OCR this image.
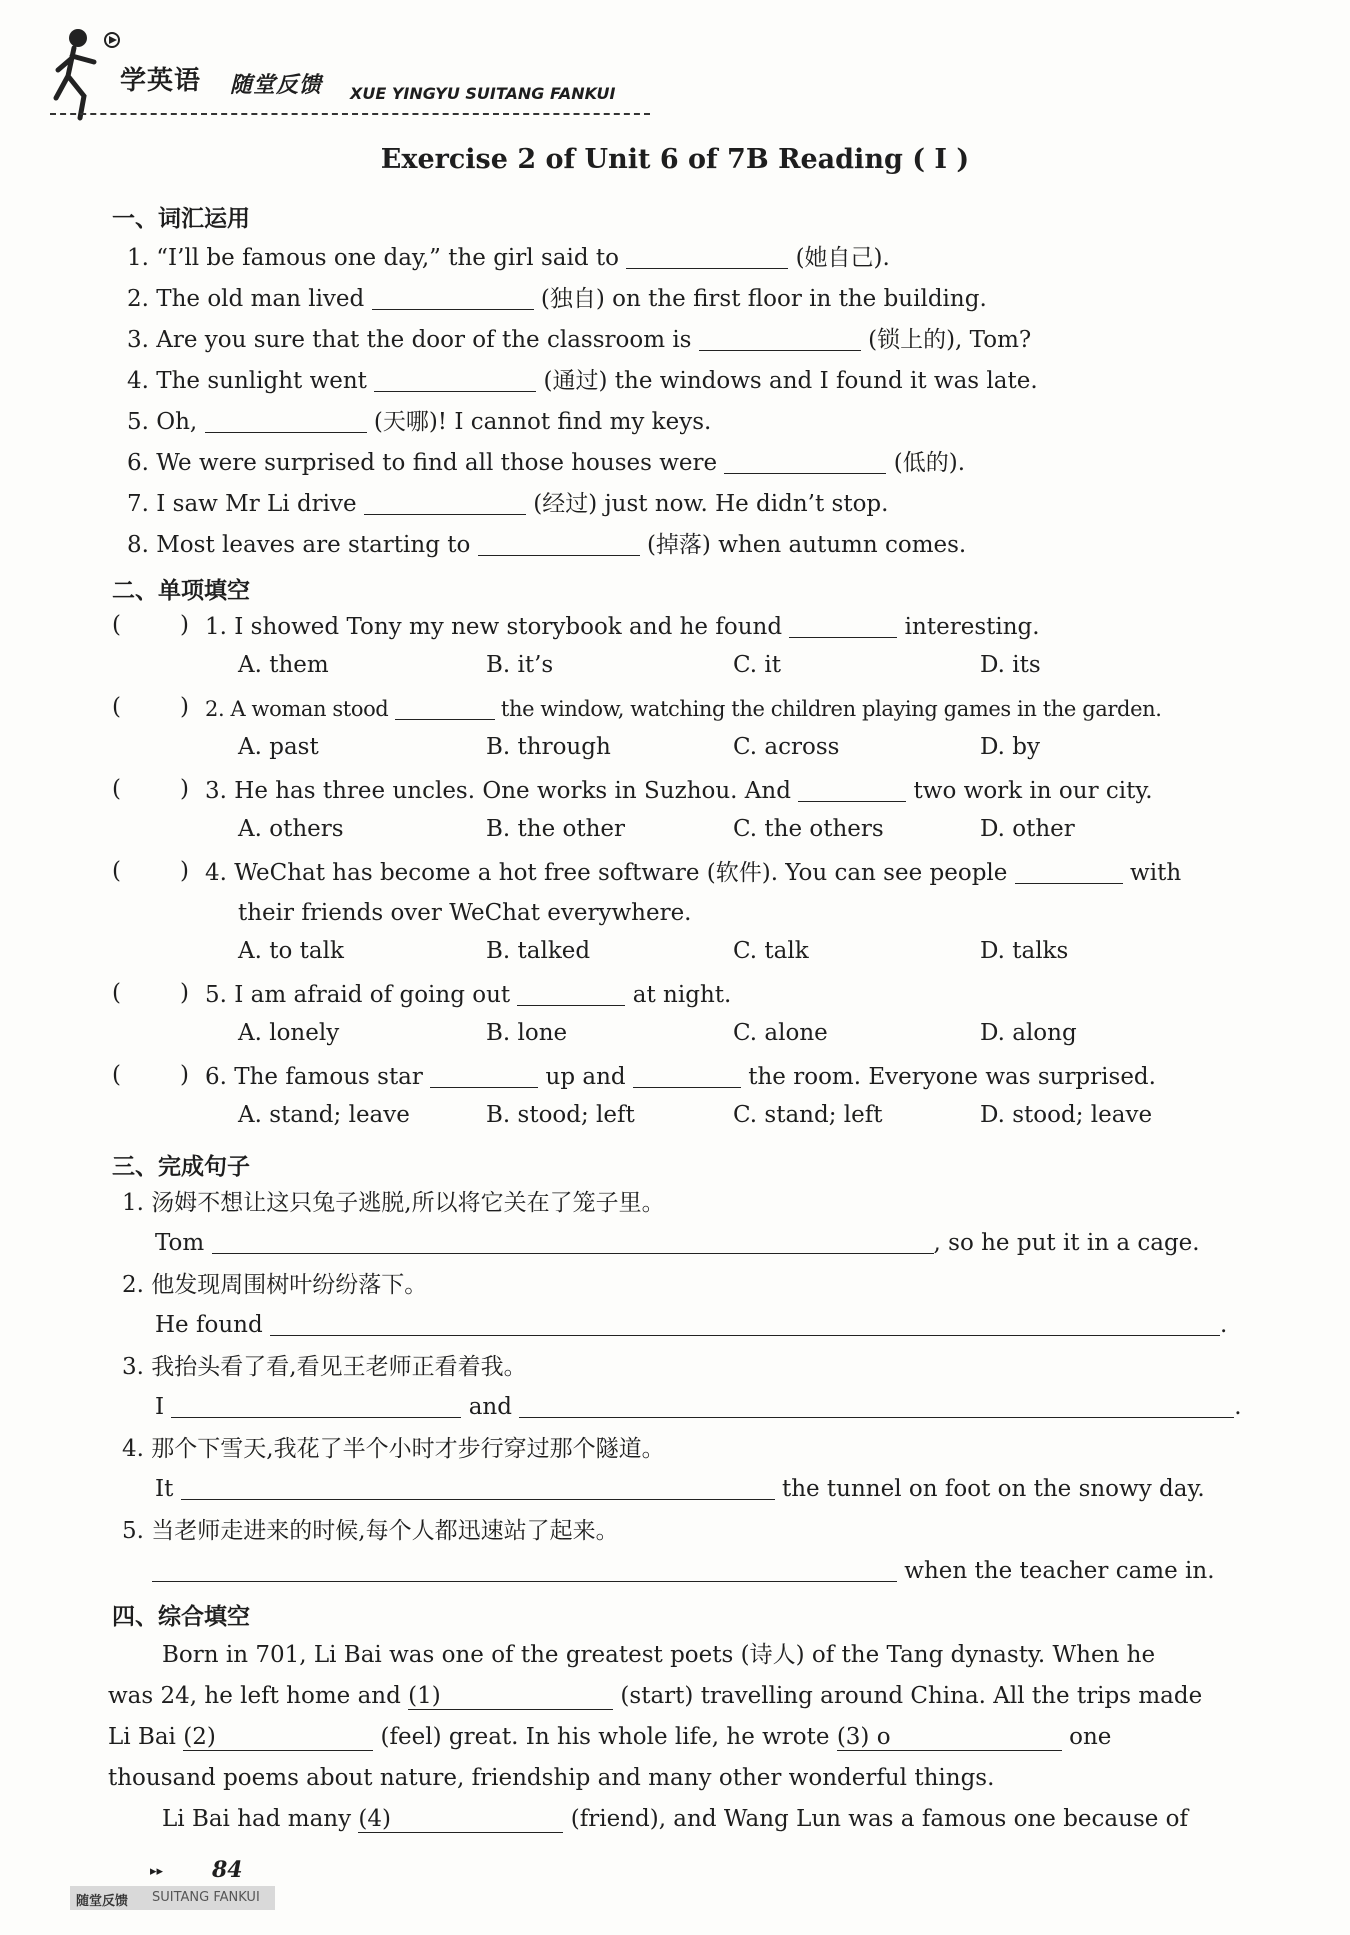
学英语 随堂反馈 XUE YINGYU SUITANG FANKUI
Exercise 2 of Unit 6 of 7B Reading ( Ⅰ )
一、词汇运用
1. “I’ll be famous one day,” the girl said to	(她自己).
2. The old man lived	(独自) on the first floor in the building.
3. Are you sure that the door of the classroom is	(锁上的), Tom?
4. The sunlight went	(通过) the windows and I found it was late.
5. Oh,	(天哪)! I cannot find my keys.
6. We were surprised to find all those houses were	(低的).
7. I saw Mr Li drive	(经过) just now. He didn’t stop.
8. Most leaves are starting to	(掉落) when autumn comes.
二、单项填空
(	) 1. I showed Tony my new storybook and he found	interesting.
A. them	B. it’s	C. it	D. its
(	) 2. A woman stood	the window, watching the children playing games in the garden.
A. past	B. through	C. across	D. by
(	) 3. He has three uncles. One works in Suzhou. And	two work in our city.
A. others	B. the other	C. the others	D. other
(	) 4. WeChat has become a hot free software (软件). You can see people	with
their friends over WeChat everywhere.
A. to talk	B. talked	C. talk	D. talks
(	) 5. I am afraid of going out	at night.
A. lonely	B. lone	C. alone	D. along
(	) 6. The famous star	up and	the room. Everyone was surprised.
A. stand; leave	B. stood; left	C. stand; left	D. stood; leave
三、完成句子
1. 汤姆不想让这只兔子逃脱,所以将它关在了笼子里。
Tom	, so he put it in a cage.
2. 他发现周围树叶纷纷落下。
He found	.
3. 我抬头看了看,看见王老师正看着我。
I	and	.
4. 那个下雪天,我花了半个小时才步行穿过那个隧道。
It	the tunnel on foot on the snowy day.
5. 当老师走进来的时候,每个人都迅速站了起来。
when the teacher came in.
四、综合填空
Born in 701, Li Bai was one of the greatest poets (诗人) of the Tang dynasty. When he
was 24, he left home and (1)	(start) travelling around China. All the trips made
Li Bai (2)	(feel) great. In his whole life, he wrote (3) o	one
thousand poems about nature, friendship and many other wonderful things.
Li Bai had many (4)	(friend), and Wang Lun was a famous one because of
▸▸ 84
随堂反馈 SUITANG FANKUI
